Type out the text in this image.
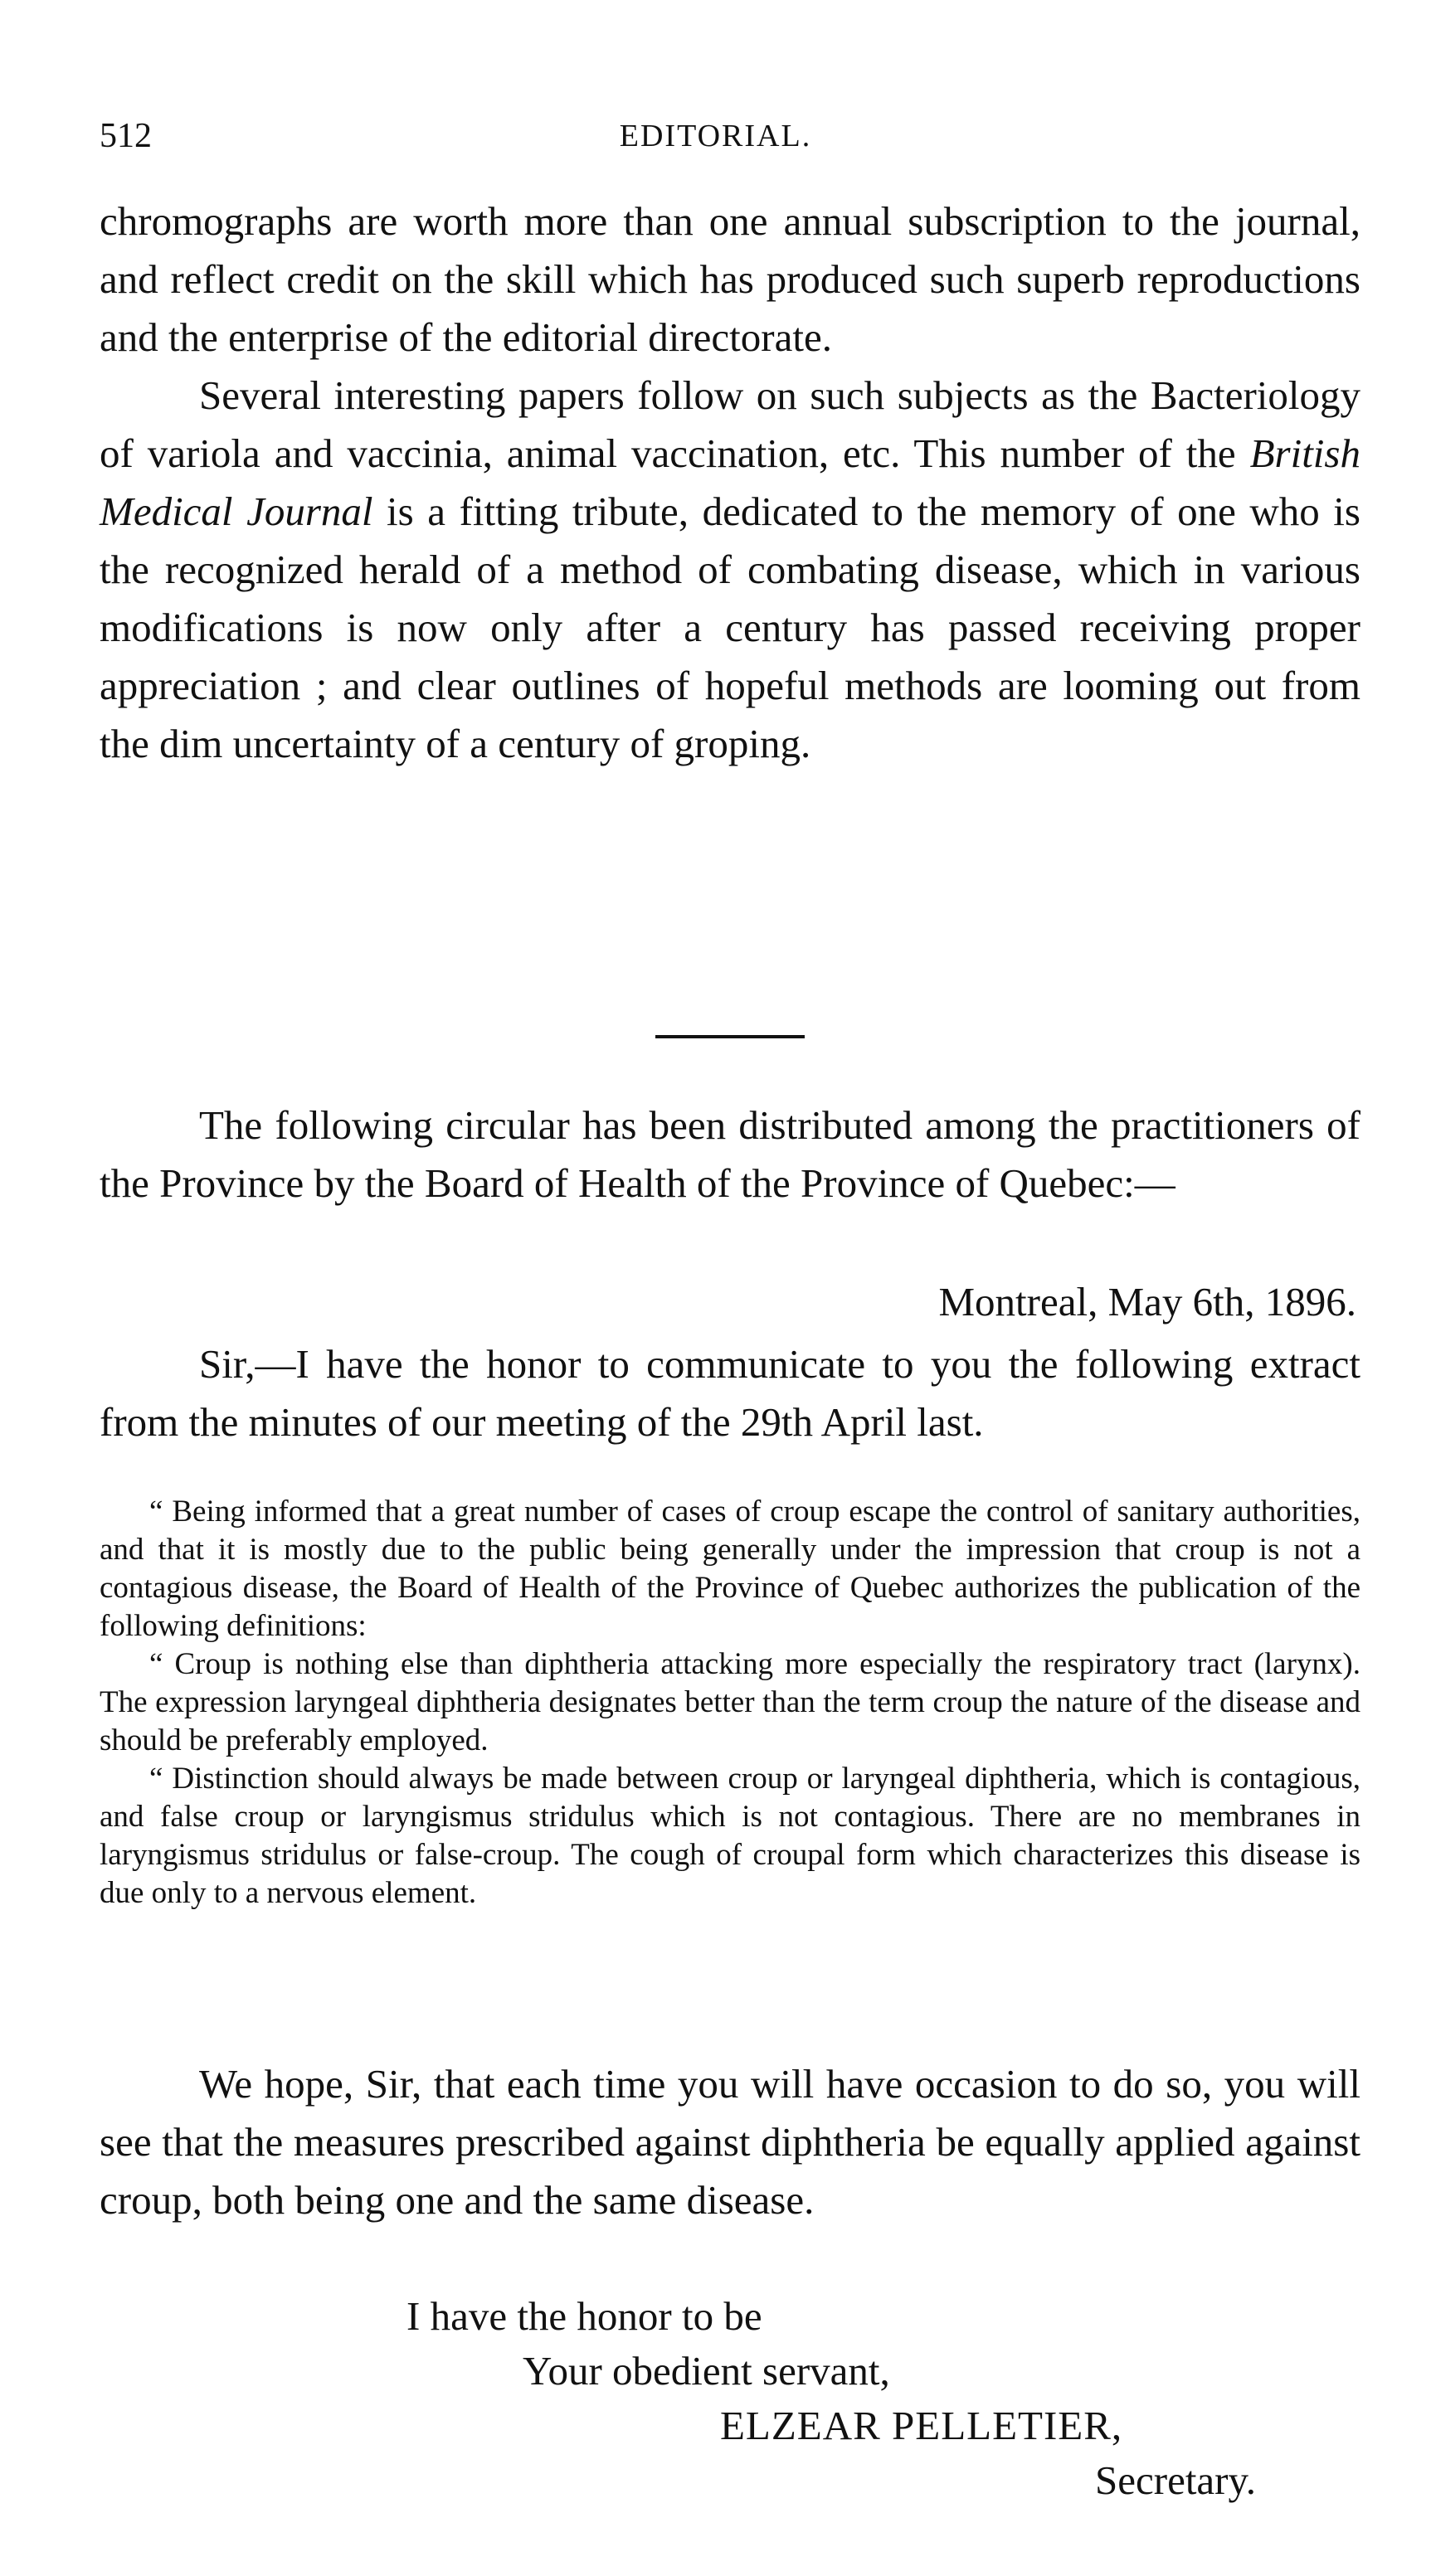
512	EDITORIAL.

chromographs are worth more than one annual subscription to the journal, and reflect credit on the skill which has produced such superb reproductions and the enterprise of the editorial directorate.

Several interesting papers follow on such subjects as the Bacteriology of variola and vaccinia, animal vaccination, etc. This number of the British Medical Journal is a fitting tribute, dedicated to the memory of one who is the recognized herald of a method of combating disease, which in various modifications is now only after a century has passed receiving proper appreciation ; and clear outlines of hopeful methods are looming out from the dim uncertainty of a century of groping.

The following circular has been distributed among the practitioners of the Province by the Board of Health of the Province of Quebec:—

Montreal, May 6th, 1896.

Sir,—I have the honor to communicate to you the following extract from the minutes of our meeting of the 29th April last.

“ Being informed that a great number of cases of croup escape the control of sanitary authorities, and that it is mostly due to the public being generally under the impression that croup is not a contagious disease, the Board of Health of the Province of Quebec authorizes the publication of the following definitions:

“ Croup is nothing else than diphtheria attacking more especially the respiratory tract (larynx). The expression laryngeal diphtheria designates better than the term croup the nature of the disease and should be preferably employed.

“ Distinction should always be made between croup or laryngeal diphtheria, which is contagious, and false croup or laryngismus stridulus which is not contagious. There are no membranes in laryngismus stridulus or false-croup. The cough of croupal form which characterizes this disease is due only to a nervous element.

We hope, Sir, that each time you will have occasion to do so, you will see that the measures prescribed against diphtheria be equally applied against croup, both being one and the same disease.

I have the honor to be
Your obedient servant,
ELZEAR PELLETIER,
Secretary.
